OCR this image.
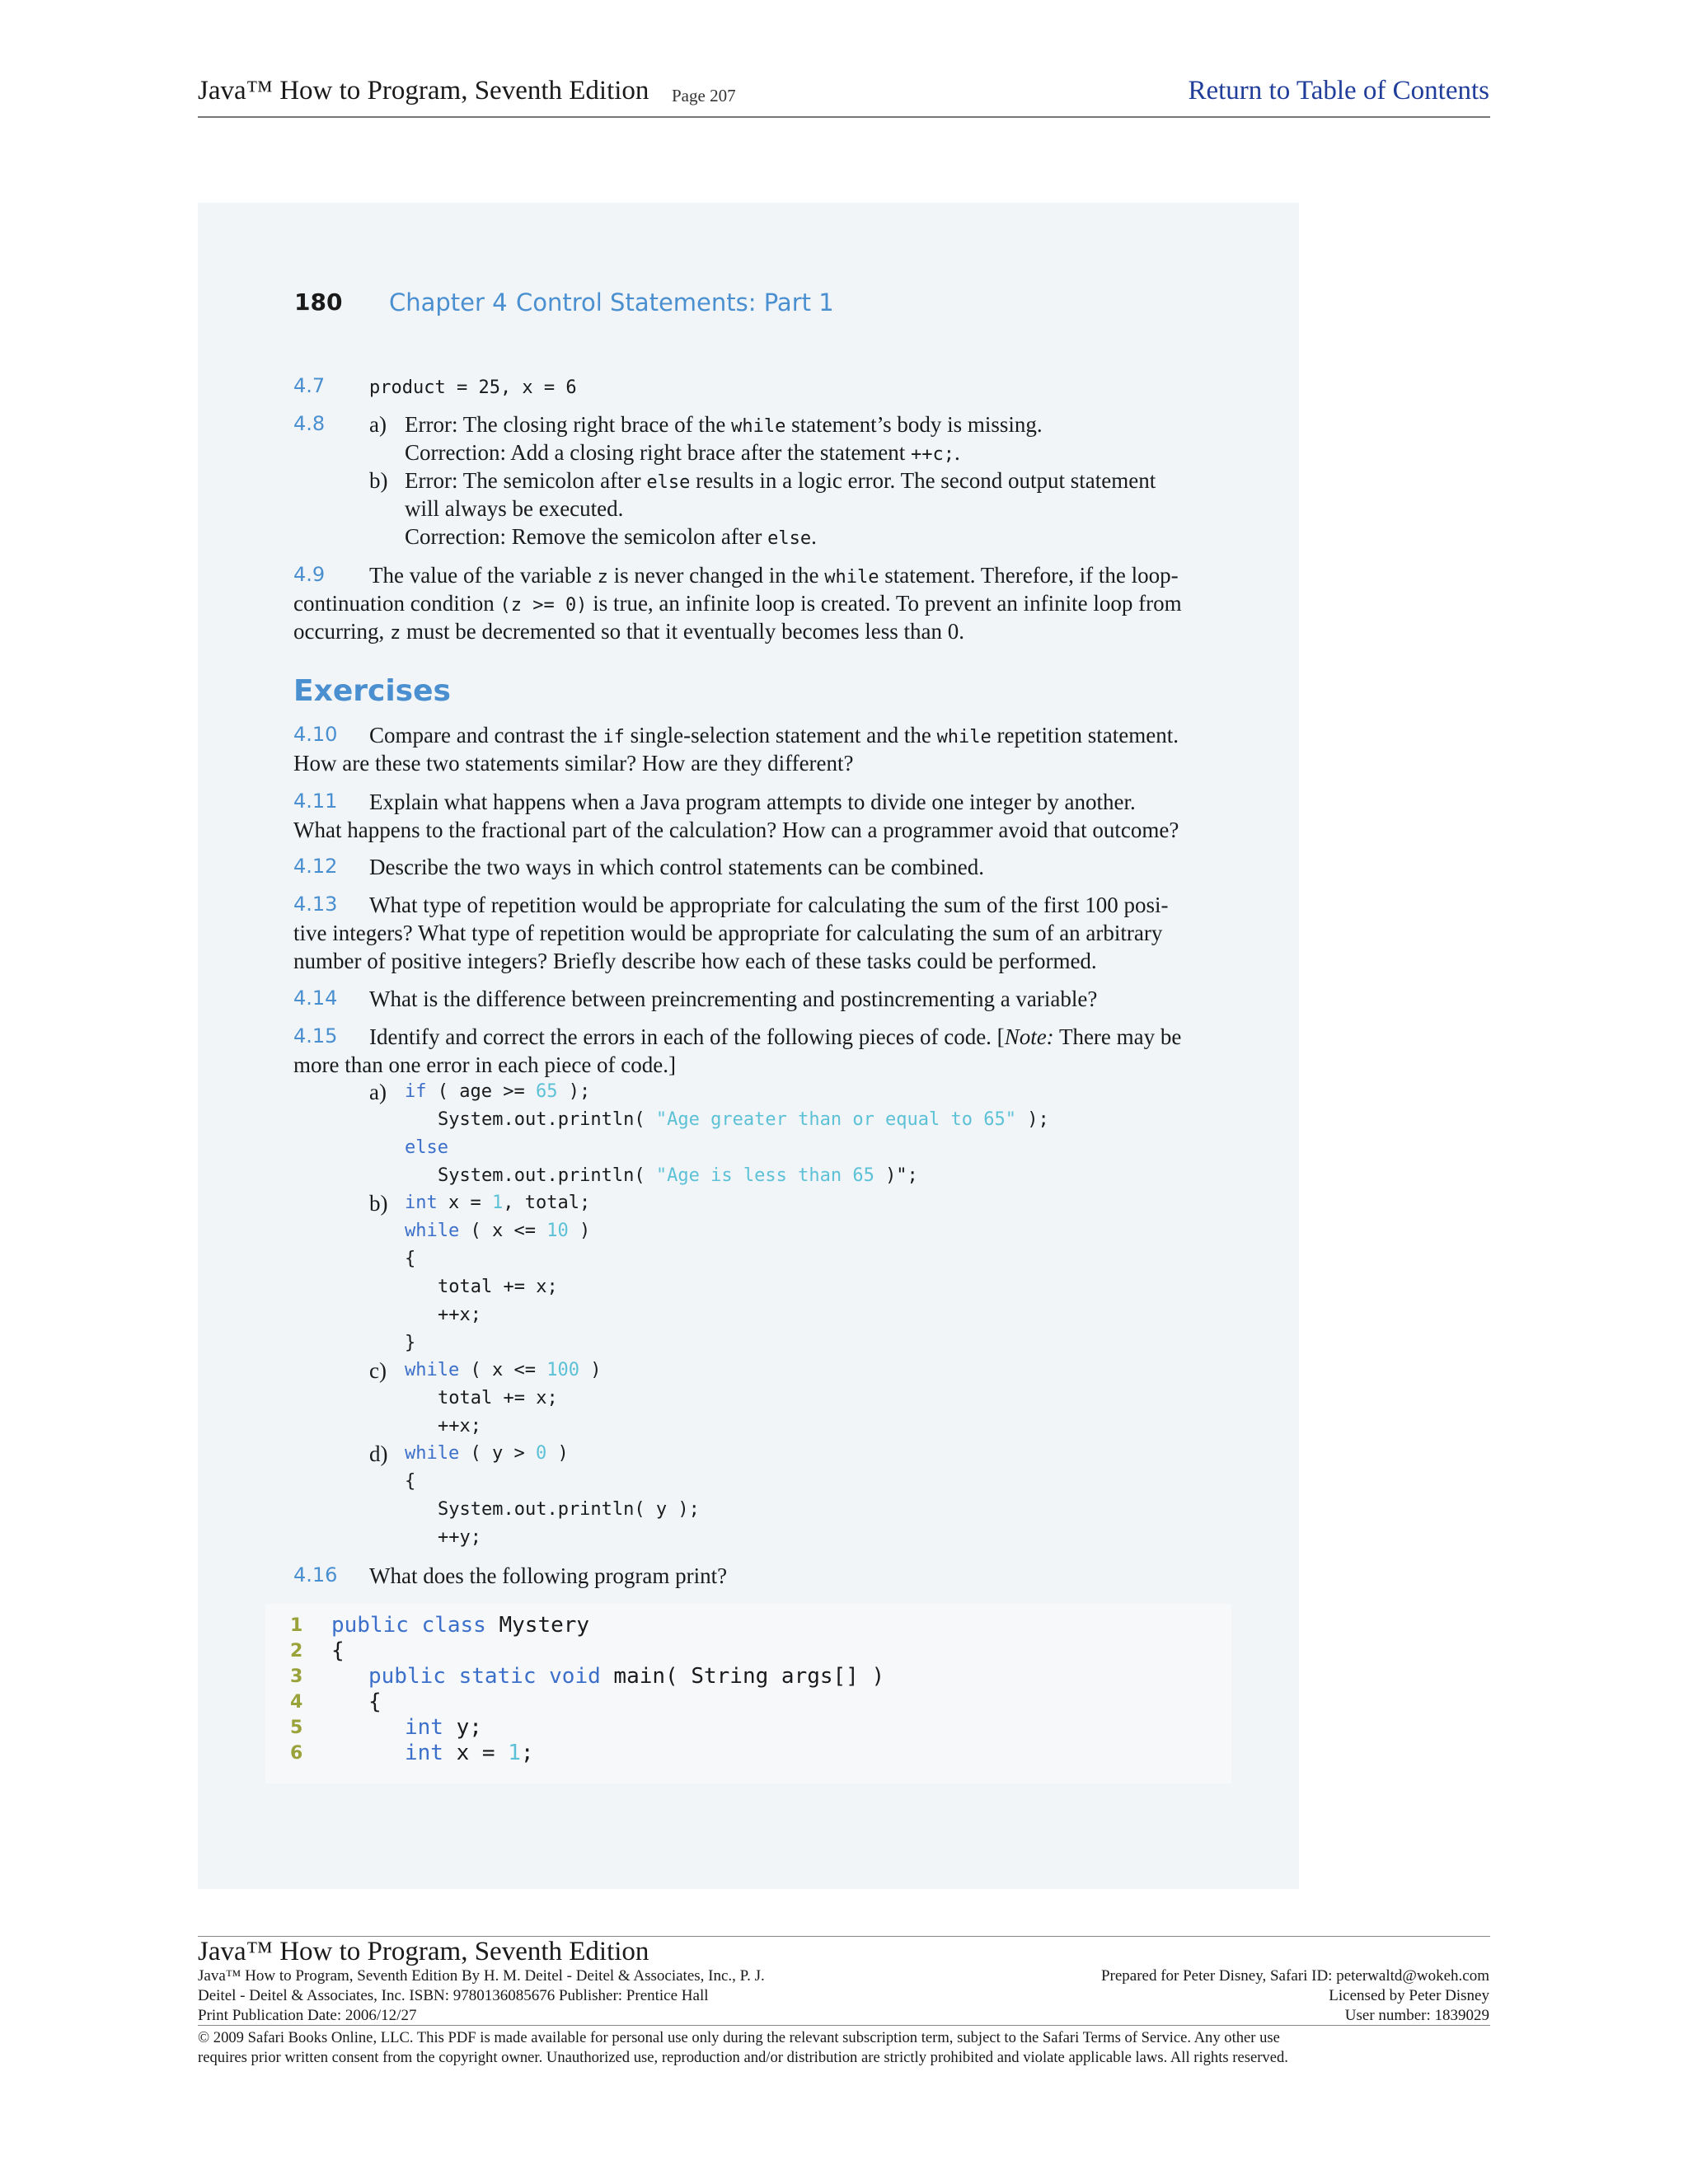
Java™ How to Program, Seventh Edition Page 207	Return to Table of Contents
180 Chapter 4 Control Statements: Part 1
4.7 product = 25, x = 6
4.8 a) Error: The closing right brace of the while statement’s body is missing.
Correction: Add a closing right brace after the statement ++c;.
b) Error: The semicolon after else results in a logic error. The second output statement
will always be executed.
Correction: Remove the semicolon after else.
4.9 The value of the variable z is never changed in the while statement. Therefore, if the loop-
continuation condition (z >= 0) is true, an infinite loop is created. To prevent an infinite loop from
occurring, z must be decremented so that it eventually becomes less than 0.
Exercises
4.10 Compare and contrast the if single-selection statement and the while repetition statement.
How are these two statements similar? How are they different?
4.11 Explain what happens when a Java program attempts to divide one integer by another.
What happens to the fractional part of the calculation? How can a programmer avoid that outcome?
4.12 Describe the two ways in which control statements can be combined.
4.13 What type of repetition would be appropriate for calculating the sum of the first 100 posi-
tive integers? What type of repetition would be appropriate for calculating the sum of an arbitrary
number of positive integers? Briefly describe how each of these tasks could be performed.
4.14 What is the difference between preincrementing and postincrementing a variable?
4.15 Identify and correct the errors in each of the following pieces of code. [Note: There may be
more than one error in each piece of code.]
a) if ( age >= 65 );
System.out.println( "Age greater than or equal to 65" );
else
System.out.println( "Age is less than 65 )";
b) int x = 1, total;
while ( x <= 10 )
{
total += x;
++x;
}
c) while ( x <= 100 )
total += x;
++x;
d) while ( y > 0 )
{
System.out.println( y );
++y;
4.16 What does the following program print?
1
2
3
4
5
6
public class Mystery
{
public static void main( String args[] )
{
int y;
int x = 1;
Java™ How to Program, Seventh Edition
Java™ How to Program, Seventh Edition By H. M. Deitel - Deitel & Associates, Inc., P. J.
Deitel - Deitel & Associates, Inc. ISBN: 9780136085676 Publisher: Prentice Hall
Print Publication Date: 2006/12/27
Prepared for Peter Disney, Safari ID: peterwaltd@wokeh.com
Licensed by Peter Disney
User number: 1839029
© 2009 Safari Books Online, LLC. This PDF is made available for personal use only during the relevant subscription term, subject to the Safari Terms of Service. Any other use
requires prior written consent from the copyright owner. Unauthorized use, reproduction and/or distribution are strictly prohibited and violate applicable laws. All rights reserved.
